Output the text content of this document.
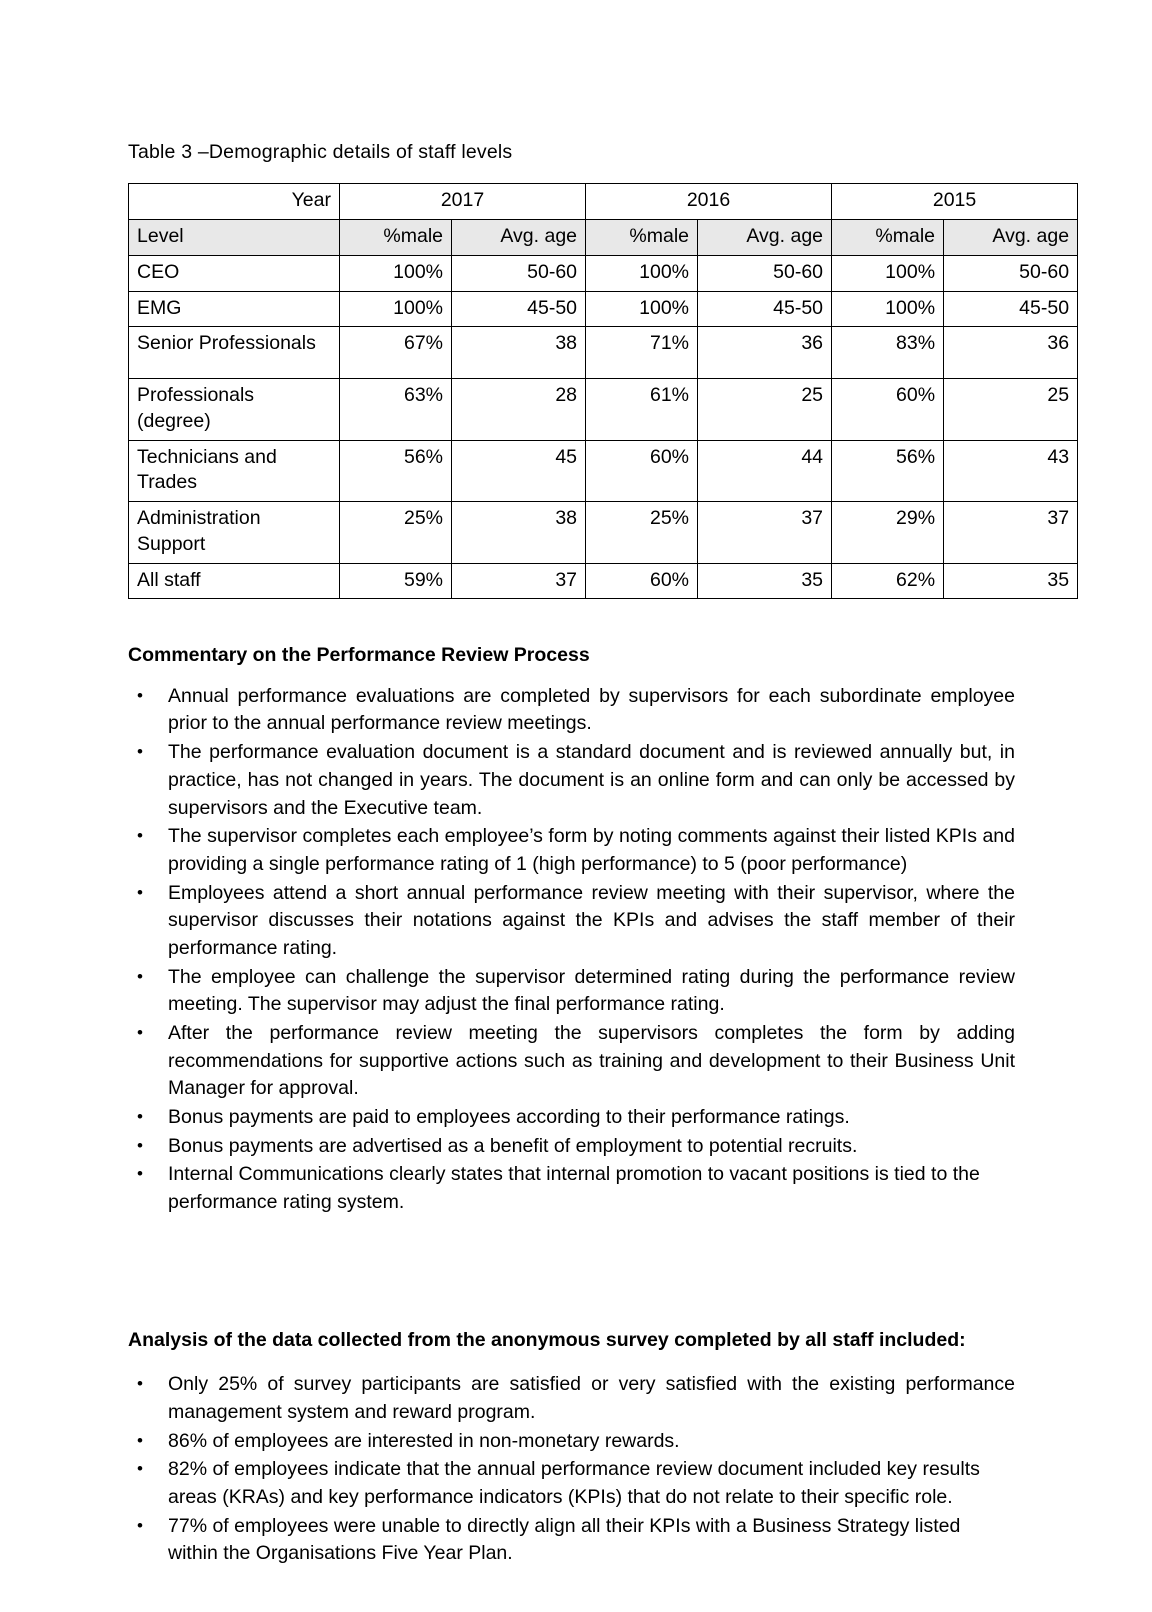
Table 3 –Demographic details of staff levels

Year	2017		2016		2015	
Level	%male	Avg. age	%male	Avg. age	%male	Avg. age
CEO	100%	50-60	100%	50-60	100%	50-60
EMG	100%	45-50	100%	45-50	100%	45-50
Senior Professionals	67%	38	71%	36	83%	36
Professionals (degree)	63%	28	61%	25	60%	25
Technicians and Trades	56%	45	60%	44	56%	43
Administration Support	25%	38	25%	37	29%	37
All staff	59%	37	60%	35	62%	35
Commentary on the Performance Review Process
• Annual performance evaluations are completed by supervisors for each subordinate employee prior to the annual performance review meetings.
• The performance evaluation document is a standard document and is reviewed annually but, in practice, has not changed in years. The document is an online form and can only be accessed by supervisors and the Executive team.
• The supervisor completes each employee’s form by noting comments against their listed KPIs and providing a single performance rating of 1 (high performance) to 5 (poor performance)
• Employees attend a short annual performance review meeting with their supervisor, where the supervisor discusses their notations against the KPIs and advises the staff member of their performance rating.
• The employee can challenge the supervisor determined rating during the performance review meeting. The supervisor may adjust the final performance rating.
• After the performance review meeting the supervisors completes the form by adding recommendations for supportive actions such as training and development to their Business Unit Manager for approval.
• Bonus payments are paid to employees according to their performance ratings.
• Bonus payments are advertised as a benefit of employment to potential recruits.
• Internal Communications clearly states that internal promotion to vacant positions is tied to the performance rating system.
Analysis of the data collected from the anonymous survey completed by all staff included:
• Only 25% of survey participants are satisfied or very satisfied with the existing performance management system and reward program.
• 86% of employees are interested in non-monetary rewards.
• 82% of employees indicate that the annual performance review document included key results areas (KRAs) and key performance indicators (KPIs) that do not relate to their specific role.
• 77% of employees were unable to directly align all their KPIs with a Business Strategy listed within the Organisations Five Year Plan.
